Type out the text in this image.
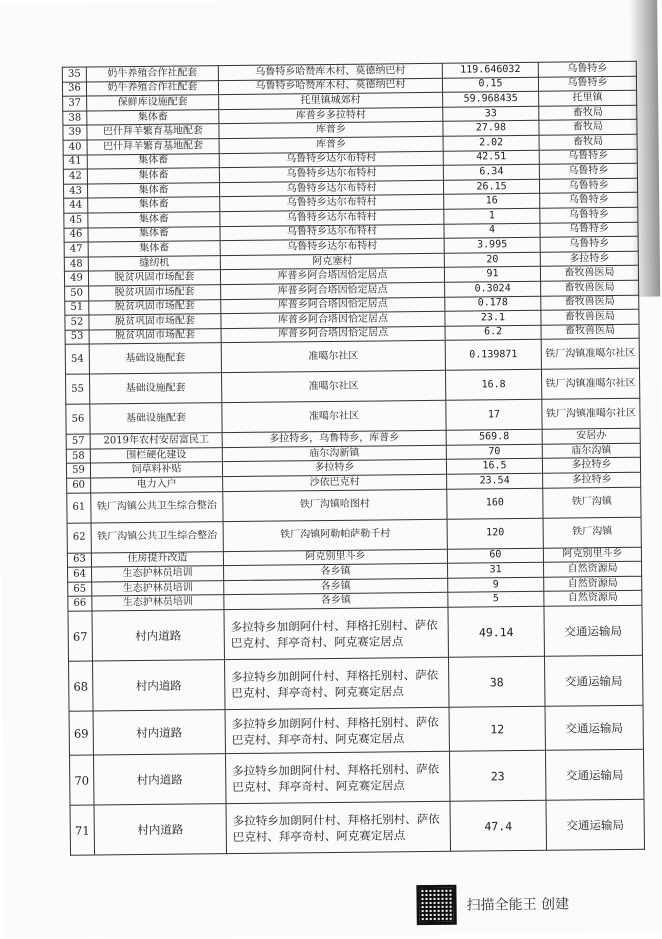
35	奶牛养殖合作社配套	乌鲁特乡哈赞库木村、莫德纳巴村	119.646032	乌鲁特乡
36	奶牛养殖合作社配套	乌鲁特乡哈赞库木村、莫德纳巴村	0.15	乌鲁特乡
37	保鲜库设施配套	托里镇城郊村	59.968435	托里镇
38	集体畜	库普乡多拉特村	33	畜牧局
39	巴什拜羊繁育基地配套	库普乡	27.98	畜牧局
40	巴什拜羊繁育基地配套	库普乡	2.02	畜牧局
41	集体畜	乌鲁特乡达尔布特村	42.51	乌鲁特乡
42	集体畜	乌鲁特乡达尔布特村	6.34	乌鲁特乡
43	集体畜	乌鲁特乡达尔布特村	26.15	乌鲁特乡
44	集体畜	乌鲁特乡达尔布特村	16	乌鲁特乡
45	集体畜	乌鲁特乡达尔布特村	1	乌鲁特乡
46	集体畜	乌鲁特乡达尔布特村	4	乌鲁特乡
47	集体畜	乌鲁特乡达尔布特村	3.995	乌鲁特乡
48	缝纫机	阿克塞村	20	多拉特乡
49	脱贫巩固市场配套	库普乡阿合塔因恰定居点	91	畜牧兽医局
50	脱贫巩固市场配套	库普乡阿合塔因恰定居点	0.3024	畜牧兽医局
51	脱贫巩固市场配套	库普乡阿合塔因恰定居点	0.178	畜牧兽医局
52	脱贫巩固市场配套	库普乡阿合塔因恰定居点	23.1	畜牧兽医局
53	脱贫巩固市场配套	库普乡阿合塔因恰定居点	6.2	畜牧兽医局
54	基础设施配套	准噶尔社区	0.139871	铁厂沟镇准噶尔社区
55	基础设施配套	准噶尔社区	16.8	铁厂沟镇准噶尔社区
56	基础设施配套	准噶尔社区	17	铁厂沟镇准噶尔社区
57	2019年农村安居富民工	多拉特乡，乌鲁特乡，库普乡	569.8	安居办
58	围栏硬化建设	庙尔沟新镇	70	庙尔沟镇
59	饲草料补贴	多拉特乡	16.5	多拉特乡
60	电力入户	沙依巴克村	23.54	多拉特乡
61	铁厂沟镇公共卫生综合整治	铁厂沟镇哈图村	160	铁厂沟镇
62	铁厂沟镇公共卫生综合整治	铁厂沟镇阿勒帕萨勒千村	120	铁厂沟镇
63	住房提升改造	阿克别里斗乡	60	阿克别里斗乡
64	生态护林员培训	各乡镇	31	自然资源局
65	生态护林员培训	各乡镇	9	自然资源局
66	生态护林员培训	各乡镇	5	自然资源局
67	村内道路	多拉特乡加朗阿什村、拜格托别村、萨依巴克村、拜亭奇村、阿克赛定居点	49.14	交通运输局
68	村内道路	多拉特乡加朗阿什村、拜格托别村、萨依巴克村、拜亭奇村、阿克赛定居点	38	交通运输局
69	村内道路	多拉特乡加朗阿什村、拜格托别村、萨依巴克村、拜亭奇村、阿克赛定居点	12	交通运输局
70	村内道路	多拉特乡加朗阿什村、拜格托别村、萨依巴克村、拜亭奇村、阿克赛定居点	23	交通运输局
71	村内道路	多拉特乡加朗阿什村、拜格托别村、萨依巴克村、拜亭奇村、阿克赛定居点	47.4	交通运输局
扫描全能王 创建
